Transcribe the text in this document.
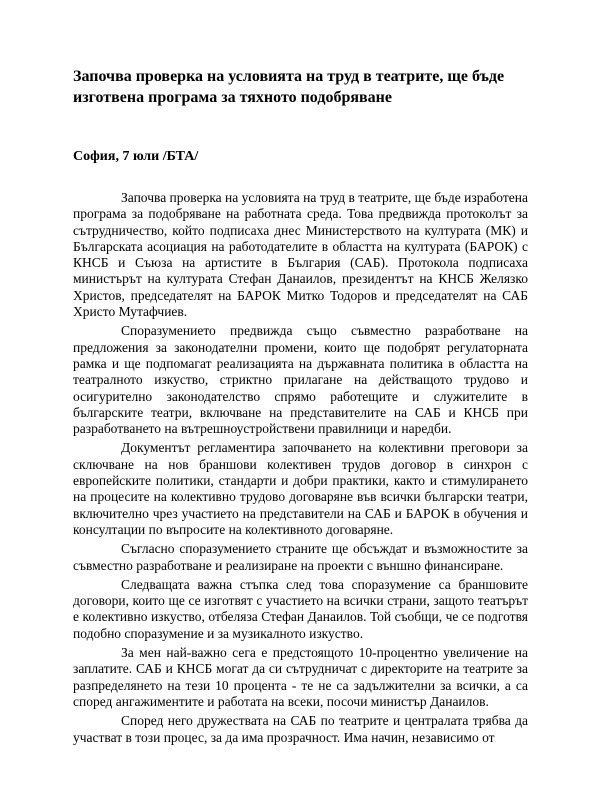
Започва проверка на условията на труд в театрите, ще бъде изготвена програма за тяхното подобряване

София, 7 юли /БТА/

Започва проверка на условията на труд в театрите, ще бъде изработена програма за подобряване на работната среда. Това предвижда протоколът за сътрудничество, който подписаха днес Министерството на културата (МК) и Българската асоциация на работодателите в областта на културата (БАРОК) с КНСБ и Съюза на артистите в България (САБ). Протокола подписаха министърът на културата Стефан Данаилов, президентът на КНСБ Желязко Христов, председателят на БАРОК Митко Тодоров и председателят на САБ Христо Мутафчиев.

Споразумението предвижда също съвместно разработване на предложения за законодателни промени, които ще подобрят регулаторната рамка и ще подпомагат реализацията на държавната политика в областта на театралното изкуство, стриктно прилагане на действащото трудово и осигурително законодателство спрямо работещите и служителите в българските театри, включване на представителите на САБ и КНСБ при разработването на вътрешноустройствени правилници и наредби.

Документът регламентира започването на колективни преговори за сключване на нов браншови колективен трудов договор в синхрон с европейските политики, стандарти и добри практики, както и стимулирането на процесите на колективно трудово договаряне във всички български театри, включително чрез участието на представители на САБ и БАРОК в обучения и консултации по въпросите на колективното договаряне.

Съгласно споразумението страните ще обсъждат и възможностите за съвместно разработване и реализиране на проекти с външно финансиране.

Следващата важна стъпка след това споразумение са браншовите договори, които ще се изготвят с участието на всички страни, защото театърът е колективно изкуство, отбеляза Стефан Данаилов. Той съобщи, че се подготвя подобно споразумение и за музикалното изкуство.

За мен най-важно сега е предстоящото 10-процентно увеличение на заплатите. САБ и КНСБ могат да си сътрудничат с директорите на театрите за разпределянето на тези 10 процента - те не са задължителни за всички, а са според ангажиментите и работата на всеки, посочи министър Данаилов.

Според него дружествата на САБ по театрите и централата трябва да участват в този процес, за да има прозрачност. Има начин, независимо от
